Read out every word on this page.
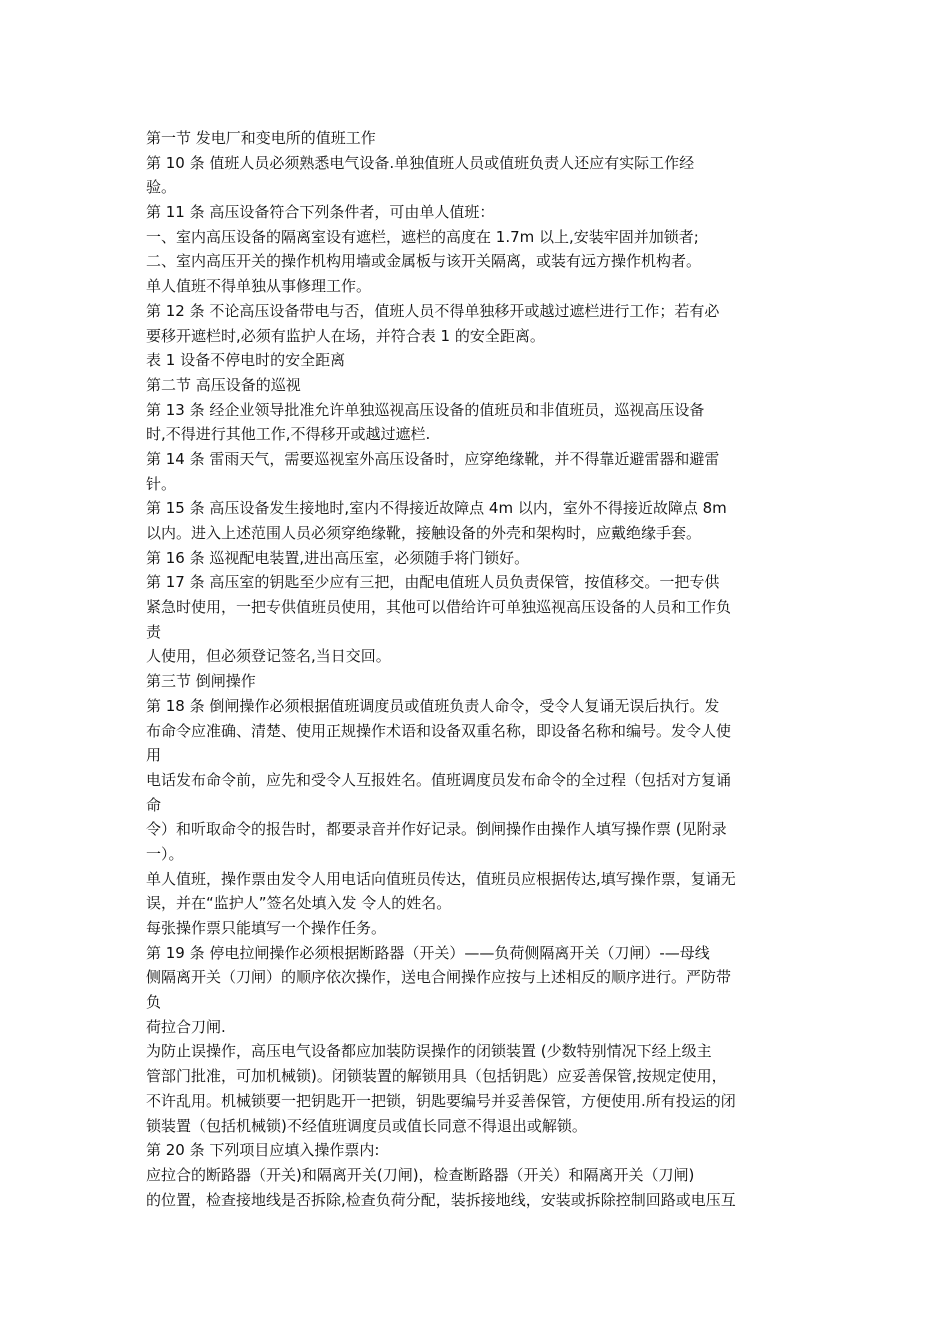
第一节 发电厂和变电所的值班工作
第 10 条 值班人员必须熟悉电气设备.单独值班人员或值班负责人还应有实际工作经
验。
第 11 条 高压设备符合下列条件者，可由单人值班：
一、室内高压设备的隔离室设有遮栏，遮栏的高度在 1.7m 以上,安装牢固并加锁者;
二、室内高压开关的操作机构用墙或金属板与该开关隔离，或装有远方操作机构者。
单人值班不得单独从事修理工作。
第 12 条 不论高压设备带电与否，值班人员不得单独移开或越过遮栏进行工作；若有必
要移开遮栏时,必须有监护人在场，并符合表 1 的安全距离。
表 1 设备不停电时的安全距离
第二节 高压设备的巡视
第 13 条 经企业领导批准允许单独巡视高压设备的值班员和非值班员，巡视高压设备
时,不得进行其他工作,不得移开或越过遮栏.
第 14 条 雷雨天气，需要巡视室外高压设备时，应穿绝缘靴，并不得靠近避雷器和避雷
针。
第 15 条 高压设备发生接地时,室内不得接近故障点 4m 以内，室外不得接近故障点 8m
以内。进入上述范围人员必须穿绝缘靴，接触设备的外壳和架构时，应戴绝缘手套。
第 16 条 巡视配电装置,进出高压室，必须随手将门锁好。
第 17 条 高压室的钥匙至少应有三把，由配电值班人员负责保管，按值移交。一把专供
紧急时使用，一把专供值班员使用，其他可以借给许可单独巡视高压设备的人员和工作负
责
人使用，但必须登记签名,当日交回。
第三节 倒闸操作
第 18 条 倒闸操作必须根据值班调度员或值班负责人命令，受令人复诵无误后执行。发
布命令应准确、清楚、使用正规操作术语和设备双重名称，即设备名称和编号。发令人使
用
电话发布命令前，应先和受令人互报姓名。值班调度员发布命令的全过程（包括对方复诵
命
令）和听取命令的报告时，都要录音并作好记录。倒闸操作由操作人填写操作票 (见附录
一）。
单人值班，操作票由发令人用电话向值班员传达，值班员应根据传达,填写操作票，复诵无
误，并在“监护人”签名处填入发 令人的姓名。
每张操作票只能填写一个操作任务。
第 19 条 停电拉闸操作必须根据断路器（开关）——负荷侧隔离开关（刀闸）-—母线
侧隔离开关（刀闸）的顺序依次操作，送电合闸操作应按与上述相反的顺序进行。严防带
负
荷拉合刀闸.
为防止误操作，高压电气设备都应加装防误操作的闭锁装置 (少数特别情况下经上级主
管部门批准，可加机械锁)。闭锁装置的解锁用具（包括钥匙）应妥善保管,按规定使用，
不许乱用。机械锁要一把钥匙开一把锁，钥匙要编号并妥善保管，方便使用.所有投运的闭
锁装置（包括机械锁)不经值班调度员或值长同意不得退出或解锁。
第 20 条 下列项目应填入操作票内:
应拉合的断路器（开关)和隔离开关(刀闸)，检查断路器（开关）和隔离开关（刀闸)
的位置，检查接地线是否拆除,检查负荷分配，装拆接地线，安装或拆除控制回路或电压互
